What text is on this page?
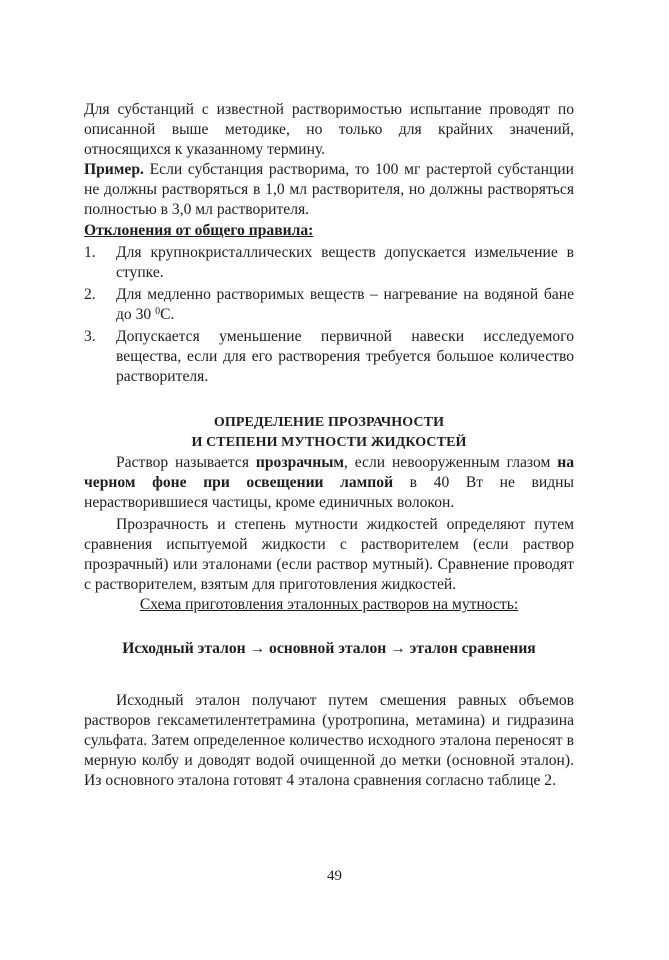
Для субстанций с известной растворимостью испытание проводят по описанной выше методике, но только для крайних значений, относящихся к указанному термину.

Пример. Если субстанция растворима, то 100 мг растертой субстанции не должны растворяться в 1,0 мл растворителя, но должны растворяться полностью в 3,0 мл растворителя.

Отклонения от общего правила:

1. Для крупнокристаллических веществ допускается измельчение в ступке.
2. Для медленно растворимых веществ – нагревание на водяной бане до 30 $^0$С.
3. Допускается уменьшение первичной навески исследуемого вещества, если для его растворения требуется большое количество растворителя.
ОПРЕДЕЛЕНИЕ ПРОЗРАЧНОСТИ
И СТЕПЕНИ МУТНОСТИ ЖИДКОСТЕЙ

Раствор называется прозрачным, если невооруженным глазом на черном фоне при освещении лампой в 40 Вт не видны нерастворившиеся частицы, кроме единичных волокон.

Прозрачность и степень мутности жидкостей определяют путем сравнения испытуемой жидкости с растворителем (если раствор прозрачный) или эталонами (если раствор мутный). Сравнение проводят с растворителем, взятым для приготовления жидкостей.

Схема приготовления эталонных растворов на мутность:

Исходный эталон → основной эталон → эталон сравнения

Исходный эталон получают путем смешения равных объемов растворов гексаметилентетрамина (уротропина, метамина) и гидразина сульфата. Затем определенное количество исходного эталона переносят в мерную колбу и доводят водой очищенной до метки (основной эталон). Из основного эталона готовят 4 эталона сравнения согласно таблице 2.

49
